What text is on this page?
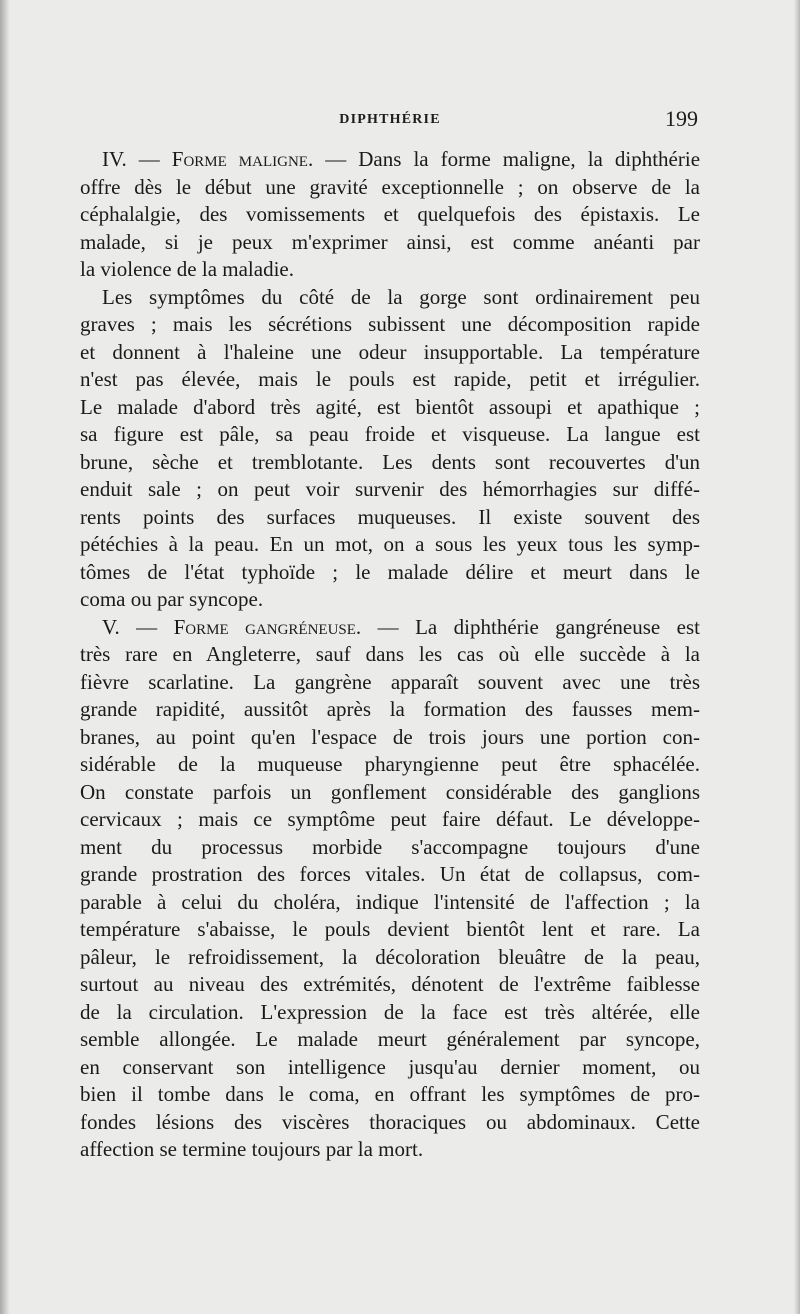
DIPHTHÉRIE	199
IV. — Forme maligne. — Dans la forme maligne, la diphthérie
offre dès le début une gravité exceptionnelle ; on observe de la
céphalalgie, des vomissements et quelquefois des épistaxis. Le
malade, si je peux m'exprimer ainsi, est comme anéanti par
la violence de la maladie.
Les symptômes du côté de la gorge sont ordinairement peu
graves ; mais les sécrétions subissent une décomposition rapide
et donnent à l'haleine une odeur insupportable. La température
n'est pas élevée, mais le pouls est rapide, petit et irrégulier.
Le malade d'abord très agité, est bientôt assoupi et apathique ;
sa figure est pâle, sa peau froide et visqueuse. La langue est
brune, sèche et tremblotante. Les dents sont recouvertes d'un
enduit sale ; on peut voir survenir des hémorrhagies sur diffé-
rents points des surfaces muqueuses. Il existe souvent des
pétéchies à la peau. En un mot, on a sous les yeux tous les symp-
tômes de l'état typhoïde ; le malade délire et meurt dans le
coma ou par syncope.
V. — Forme gangréneuse. — La diphthérie gangréneuse est
très rare en Angleterre, sauf dans les cas où elle succède à la
fièvre scarlatine. La gangrène apparaît souvent avec une très
grande rapidité, aussitôt après la formation des fausses mem-
branes, au point qu'en l'espace de trois jours une portion con-
sidérable de la muqueuse pharyngienne peut être sphacélée.
On constate parfois un gonflement considérable des ganglions
cervicaux ; mais ce symptôme peut faire défaut. Le développe-
ment du processus morbide s'accompagne toujours d'une
grande prostration des forces vitales. Un état de collapsus, com-
parable à celui du choléra, indique l'intensité de l'affection ; la
température s'abaisse, le pouls devient bientôt lent et rare. La
pâleur, le refroidissement, la décoloration bleuâtre de la peau,
surtout au niveau des extrémités, dénotent de l'extrême faiblesse
de la circulation. L'expression de la face est très altérée, elle
semble allongée. Le malade meurt généralement par syncope,
en conservant son intelligence jusqu'au dernier moment, ou
bien il tombe dans le coma, en offrant les symptômes de pro-
fondes lésions des viscères thoraciques ou abdominaux. Cette
affection se termine toujours par la mort.
